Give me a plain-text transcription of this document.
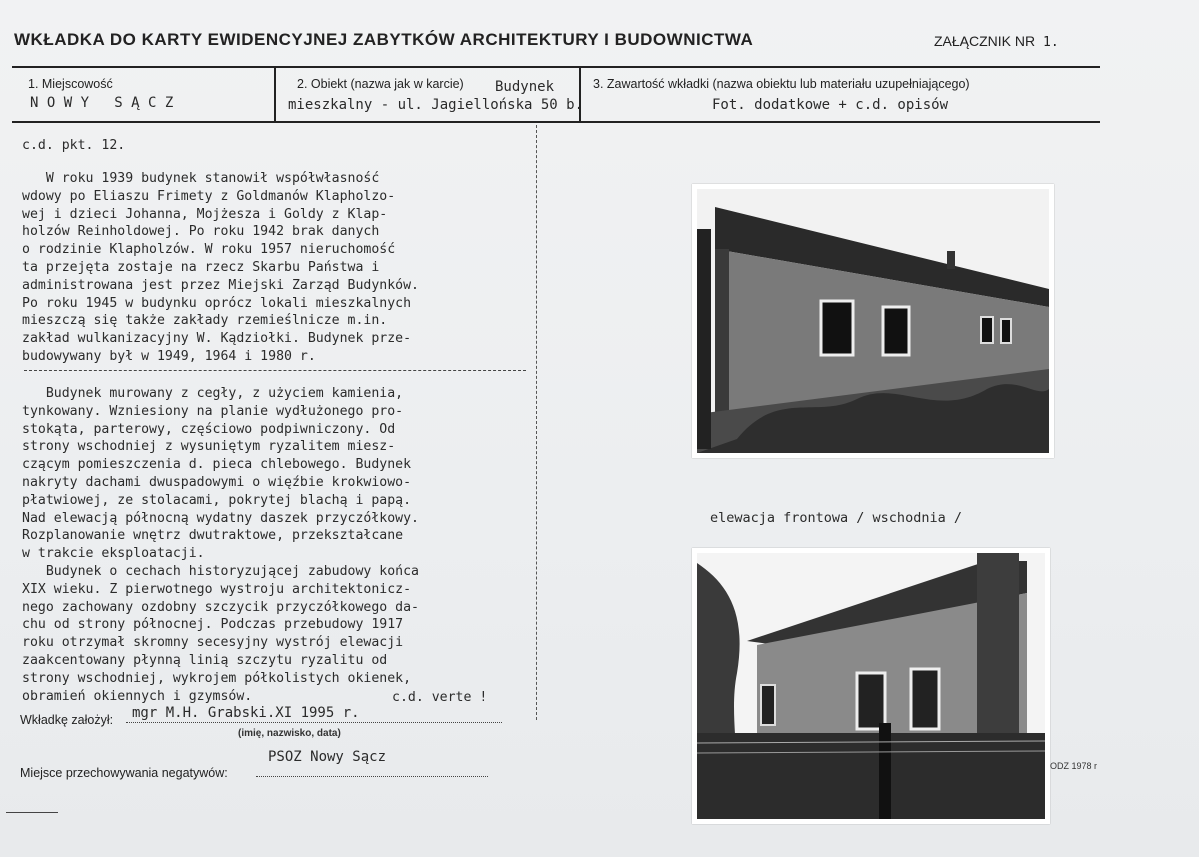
WKŁADKA DO KARTY EWIDENCYJNEJ ZABYTKÓW ARCHITEKTURY I BUDOWNICTWA	ZAŁĄCZNIK NR 1.
1. Miejscowość
N O W Y   S Ą C Z
2. Obiekt (nazwa jak w karcie) Budynek
mieszkalny - ul. Jagiellońska 50 b.
3. Zawartość wkładki (nazwa obiektu lub materiału uzupełniającego)
Fot. dodatkowe + c.d. opisów
c.d. pkt. 12.
W roku 1939 budynek stanowił współwłasność
wdowy po Eliaszu Frimety z Goldmanów Klapholzo-
wej i dzieci Johanna, Mojżesza i Goldy z Klap-
holzów Reinholdowej. Po roku 1942 brak danych
o rodzinie Klapholzów. W roku 1957 nieruchomość
ta przejęta zostaje na rzecz Skarbu Państwa i
administrowana jest przez Miejski Zarząd Budynków.
Po roku 1945 w budynku oprócz lokali mieszkalnych
mieszczą się także zakłady rzemieślnicze m.in.
zakład wulkanizacyjny W. Kądziołki. Budynek prze-
budowywany był w 1949, 1964 i 1980 r.
Budynek murowany z cegły, z użyciem kamienia,
tynkowany. Wzniesiony na planie wydłużonego pro-
stokąta, parterowy, częściowo podpiwniczony. Od
strony wschodniej z wysuniętym ryzalitem miesz-
czącym pomieszczenia d. pieca chlebowego. Budynek
nakryty dachami dwuspadowymi o więźbie krokwiowo-
płatwiowej, ze stolacami, pokrytej blachą i papą.
Nad elewacją północną wydatny daszek przyczółkowy.
Rozplanowanie wnętrz dwutraktowe, przekształcane
w trakcie eksploatacji.
Budynek o cechach historyzującej zabudowy końca
XIX wieku. Z pierwotnego wystroju architektonicz-
nego zachowany ozdobny szczycik przyczółkowego da-
chu od strony północnej. Podczas przebudowy 1917
roku otrzymał skromny secesyjny wystrój elewacji
zaakcentowany płynną linią szczytu ryzalitu od
strony wschodniej, wykrojem półkolistych okienek,
obramień okiennych i gzymsów.	c.d. verte !
Wkładkę założył: mgr M.H. Grabski.XI 1995 r.
(imię, nazwisko, data)
Miejsce przechowywania negatywów:
PSOZ Nowy Sącz
elewacja frontowa / wschodnia /
ODZ 1978 r
